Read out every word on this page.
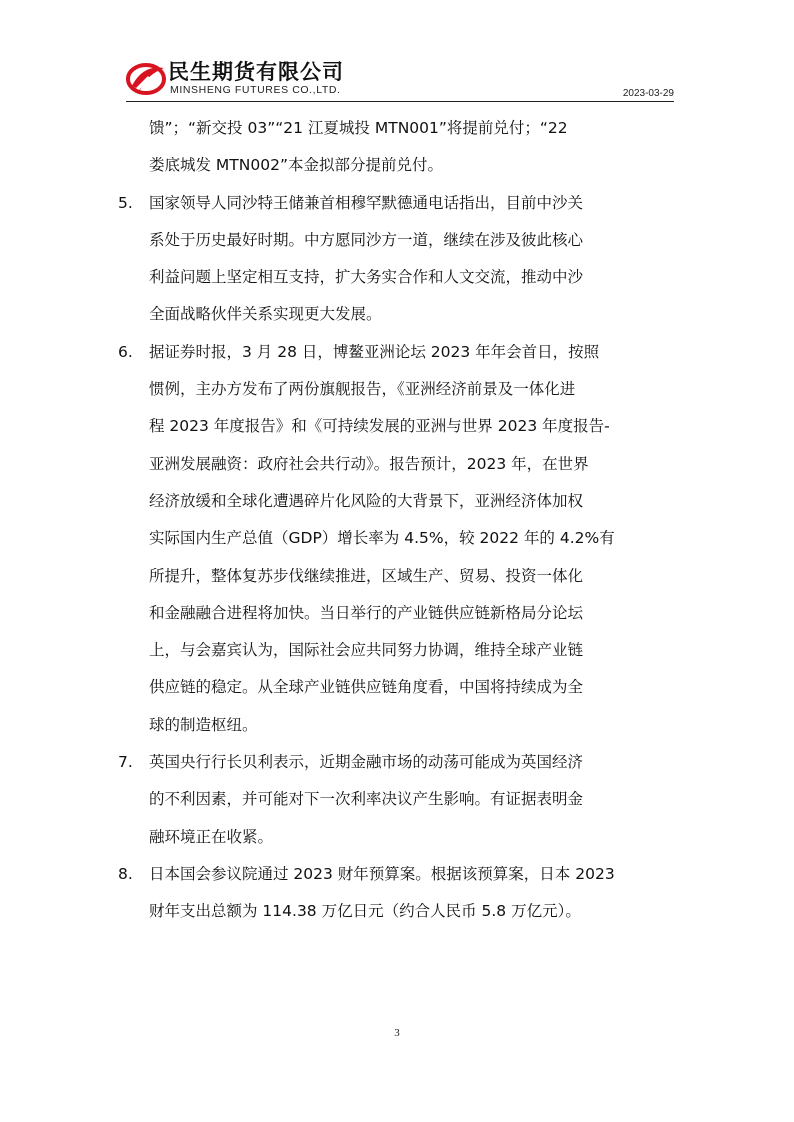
民生期货有限公司
MINSHENG FUTURES CO.,LTD.	2023-03-29

馈”；“新交投 03”“21 江夏城投 MTN001”将提前兑付；“22
娄底城发 MTN002”本金拟部分提前兑付。

5. 国家领导人同沙特王储兼首相穆罕默德通电话指出，目前中沙关
系处于历史最好时期。中方愿同沙方一道，继续在涉及彼此核心
利益问题上坚定相互支持，扩大务实合作和人文交流，推动中沙
全面战略伙伴关系实现更大发展。

6. 据证券时报，3 月 28 日，博鳌亚洲论坛 2023 年年会首日，按照
惯例，主办方发布了两份旗舰报告，《亚洲经济前景及一体化进
程 2023 年度报告》和《可持续发展的亚洲与世界 2023 年度报告-
亚洲发展融资：政府社会共行动》。报告预计，2023 年，在世界
经济放缓和全球化遭遇碎片化风险的大背景下，亚洲经济体加权
实际国内生产总值（GDP）增长率为 4.5%，较 2022 年的 4.2%有
所提升，整体复苏步伐继续推进，区域生产、贸易、投资一体化
和金融融合进程将加快。当日举行的产业链供应链新格局分论坛
上，与会嘉宾认为，国际社会应共同努力协调，维持全球产业链
供应链的稳定。从全球产业链供应链角度看，中国将持续成为全
球的制造枢纽。

7. 英国央行行长贝利表示，近期金融市场的动荡可能成为英国经济
的不利因素，并可能对下一次利率决议产生影响。有证据表明金
融环境正在收紧。

8. 日本国会参议院通过 2023 财年预算案。根据该预算案，日本 2023
财年支出总额为 114.38 万亿日元（约合人民币 5.8 万亿元）。

3
